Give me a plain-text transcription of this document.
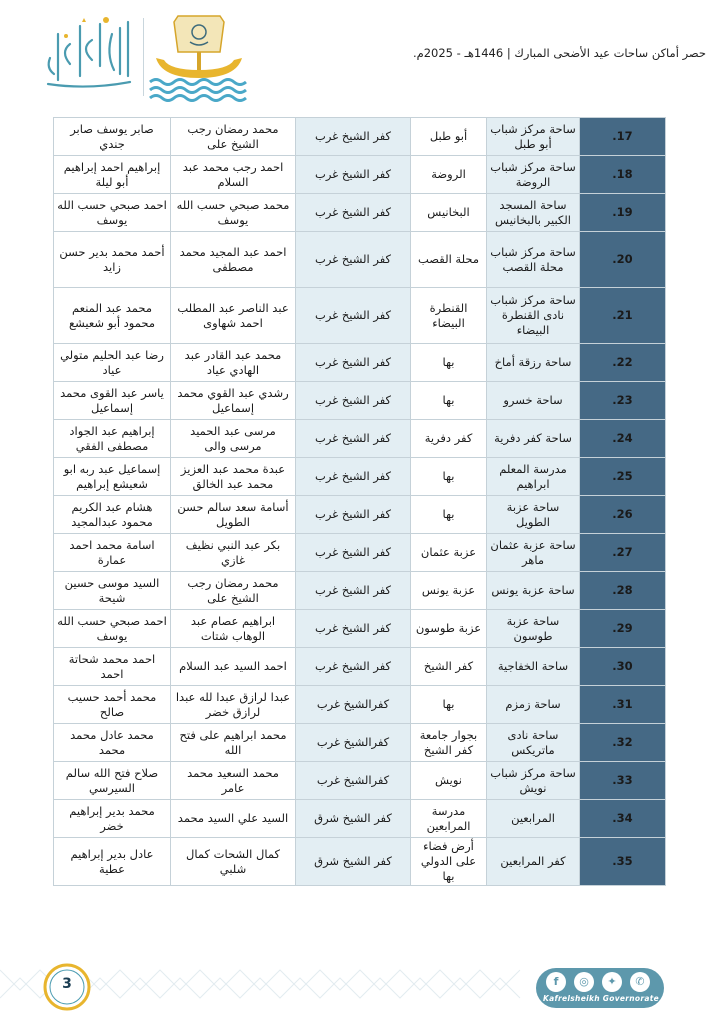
حصر أماكن ساحات عيد الأضحى المبارك | 1446هـ - 2025م.
17.	ساحة مركز شباب أبو طبل	أبو طبل	كفر الشيخ غرب	محمد رمضان رجب الشيخ على	صابر يوسف صابر جندي
18.	ساحة مركز شباب الروضة	الروضة	كفر الشيخ غرب	احمد رجب محمد عبد السلام	إبراهيم احمد إبراهيم أبو ليلة
19.	ساحة المسجد الكبير بالبخانيس	البخانيس	كفر الشيخ غرب	محمد صبحي حسب الله يوسف	احمد صبحي حسب الله يوسف
20.	ساحة مركز شباب محلة القصب	محلة القصب	كفر الشيخ غرب	احمد عبد المجيد محمد مصطفى	أحمد محمد بدير حسن زايد
21.	ساحة مركز شباب نادى القنطرة البيضاء	القنطرة البيضاء	كفر الشيخ غرب	عبد الناصر عبد المطلب احمد شهاوى	محمد عبد المنعم محمود أبو شعيشع
22.	ساحة رزقة أماخ	بها	كفر الشيخ غرب	محمد عبد القادر عبد الهادي عياد	رضا عبد الحليم متولي عياد
23.	ساحة خسرو	بها	كفر الشيخ غرب	رشدي عبد القوي محمد إسماعيل	ياسر عبد القوى محمد إسماعيل
24.	ساحة كفر دفرية	كفر دفرية	كفر الشيخ غرب	مرسى عبد الحميد مرسى والى	إبراهيم عبد الجواد مصطفى الفقي
25.	مدرسة المعلم ابراهيم	بها	كفر الشيخ غرب	عبدة محمد عبد العزيز محمد عبد الخالق	إسماعيل عبد ربه ابو شعيشع إبراهيم
26.	ساحة عزبة الطويل	بها	كفر الشيخ غرب	أسامة سعد سالم حسن الطويل	هشام عبد الكريم محمود عبدالمجيد
27.	ساحة عزبة عثمان ماهر	عزبة عثمان	كفر الشيخ غرب	بكر عبد النبي نظيف غازي	اسامة محمد احمد عمارة
28.	ساحة عزبة يونس	عزبة يونس	كفر الشيخ غرب	محمد رمضان رجب الشيخ على	السيد موسى حسين شيحة
29.	ساحة عزبة طوسون	عزبة طوسون	كفر الشيخ غرب	ابراهيم عصام عبد الوهاب شتات	احمد صبحي حسب الله يوسف
30.	ساحة الخفاجية	كفر الشيخ	كفر الشيخ غرب	احمد السيد عبد السلام	احمد محمد شحاتة احمد
31.	ساحة زمزم	بها	كفرالشيخ غرب	عبدا لرازق عبدا لله عبدا لرازق خضر	محمد أحمد حسيب صالح
32.	ساحة نادى ماتريكس	بجوار جامعة كفر الشيخ	كفرالشيخ غرب	محمد ابراهيم على فتح الله	محمد عادل محمد محمد
33.	ساحة مركز شباب نويش	نويش	كفرالشيخ غرب	محمد السعيد محمد عامر	صلاح فتح الله سالم السيرسي
34.	المرابعين	مدرسة المرابعين	كفر الشيخ شرق	السيد علي السيد محمد	محمد بدير إبراهيم خضر
35.	كفر المرابعين	أرض فضاء على الدولي بها	كفر الشيخ شرق	كمال الشحات كمال شلبي	عادل بدير إبراهيم عطية
3	f	◎	✦	✆
Kafrelsheikh Governorate
